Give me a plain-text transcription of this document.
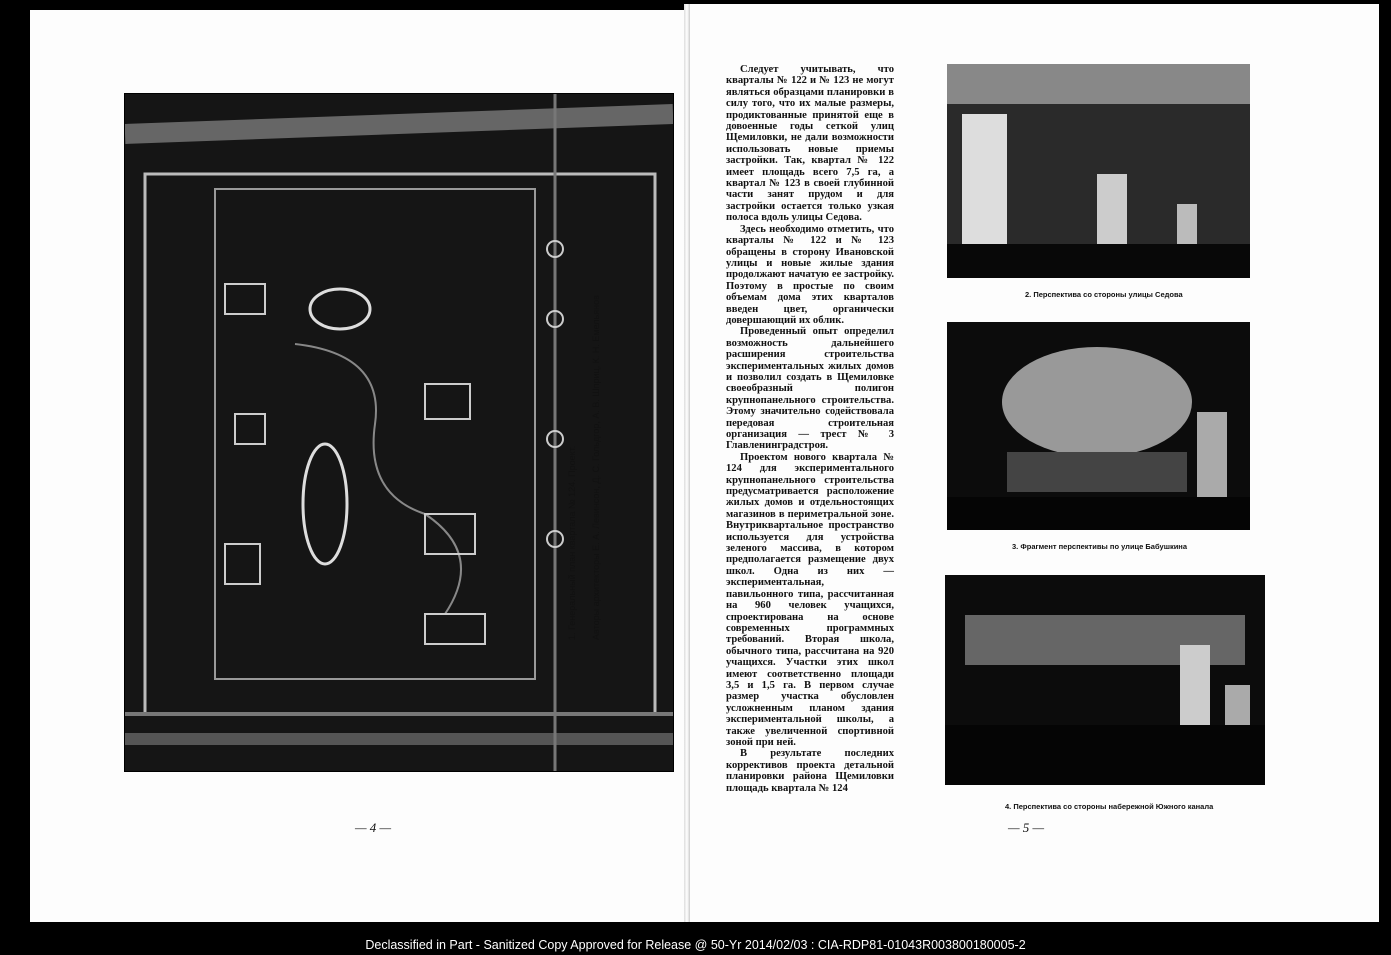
1. Генеральный план квартала № 124. Проект.	Авторы архитекторы Е. А. Левинсон, Д. С. Гольдгор, А. В. Шприц, К. Н. Емельянов
— 4 —

Следует учитывать, что кварталы № 122 и № 123 не могут являться образцами планировки в силу того, что их малые размеры, продиктованные принятой еще в довоенные годы сеткой улиц Щемиловки, не дали возможности использовать новые приемы застройки. Так, квартал № 122 имеет площадь всего 7,5 га, а квартал № 123 в своей глубинной части занят прудом и для застройки остается только узкая полоса вдоль улицы Седова.

Здесь необходимо отметить, что кварталы № 122 и № 123 обращены в сторону Ивановской улицы и новые жилые здания продолжают начатую ее застройку. Поэтому в простые по своим объемам дома этих кварталов введен цвет, органически довершающий их облик.

Проведенный опыт определил возможность дальнейшего расширения строительства экспериментальных жилых домов и позволил создать в Щемиловке своеобразный полигон крупнопанельного строительства. Этому значительно содействовала передовая строительная организация — трест № 3 Главленинградстроя.

Проектом нового квартала № 124 для экспериментального крупнопанельного строительства предусматривается расположение жилых домов и отдельностоящих магазинов в периметральной зоне. Внутриквартальное пространство используется для устройства зеленого массива, в котором предполагается размещение двух школ. Одна из них — экспериментальная, павильонного типа, рассчитанная на 960 человек учащихся, спроектирована на основе современных программных требований. Вторая школа, обычного типа, рассчитана на 920 учащихся. Участки этих школ имеют соответственно площади 3,5 и 1,5 га. В первом случае размер участка обусловлен усложненным планом здания экспериментальной школы, а также увеличенной спортивной зоной при ней.

В результате последних коррективов проекта детальной планировки района Щемиловки площадь квартала № 124

2. Перспектива со стороны улицы Седова
3. Фрагмент перспективы по улице Бабушкина
4. Перспектива со стороны набережной Южного канала
— 5 —
Declassified in Part - Sanitized Copy Approved for Release @ 50-Yr 2014/02/03 : CIA-RDP81-01043R003800180005-2
